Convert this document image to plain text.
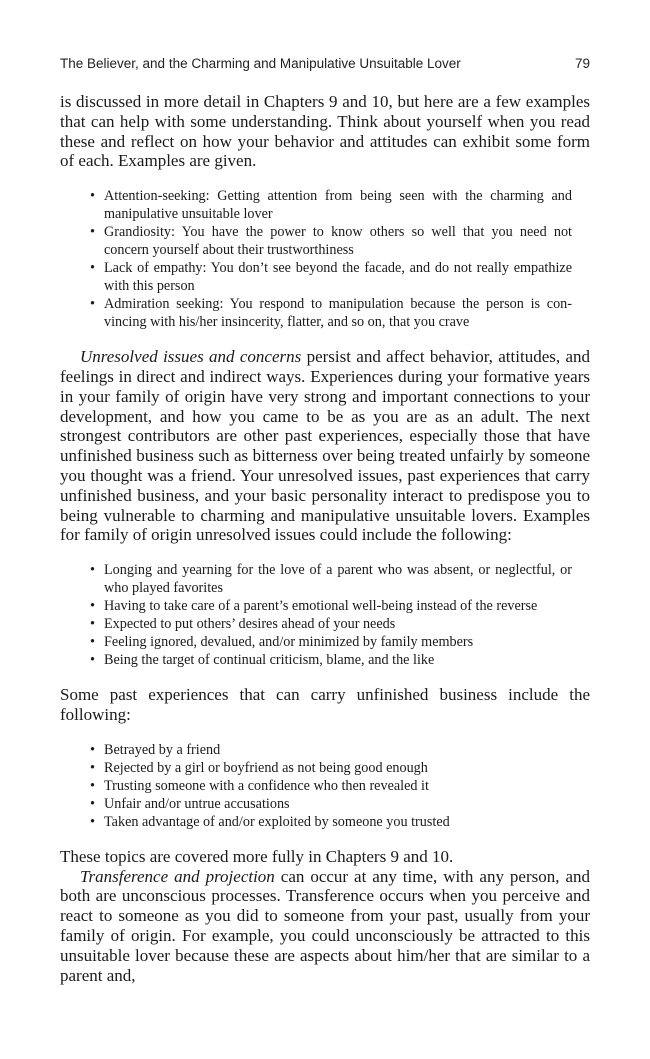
The Believer, and the Charming and Manipulative Unsuitable Lover	79

is discussed in more detail in Chapters 9 and 10, but here are a few examples that can help with some understanding. Think about yourself when you read these and reflect on how your behavior and attitudes can exhibit some form of each. Examples are given.

• Attention-seeking: Getting attention from being seen with the charming and manipulative unsuitable lover
• Grandiosity: You have the power to know others so well that you need not concern yourself about their trustworthiness
• Lack of empathy: You don’t see beyond the facade, and do not really empathize with this person
• Admiration seeking: You respond to manipulation because the person is con-vincing with his/her insincerity, flatter, and so on, that you crave

Unresolved issues and concerns persist and affect behavior, attitudes, and feelings in direct and indirect ways. Experiences during your formative years in your family of origin have very strong and important connections to your development, and how you came to be as you are as an adult. The next strongest contributors are other past experiences, especially those that have unfinished business such as bitterness over being treated unfairly by someone you thought was a friend. Your unresolved issues, past experiences that carry unfinished business, and your basic personality interact to predispose you to being vulnerable to charming and manipulative unsuitable lovers. Examples for family of origin unresolved issues could include the following:

• Longing and yearning for the love of a parent who was absent, or neglectful, or who played favorites
• Having to take care of a parent’s emotional well-being instead of the reverse
• Expected to put others’ desires ahead of your needs
• Feeling ignored, devalued, and/or minimized by family members
• Being the target of continual criticism, blame, and the like

Some past experiences that can carry unfinished business include the following:

• Betrayed by a friend
• Rejected by a girl or boyfriend as not being good enough
• Trusting someone with a confidence who then revealed it
• Unfair and/or untrue accusations
• Taken advantage of and/or exploited by someone you trusted

These topics are covered more fully in Chapters 9 and 10.

Transference and projection can occur at any time, with any person, and both are unconscious processes. Transference occurs when you perceive and react to someone as you did to someone from your past, usually from your family of origin. For example, you could unconsciously be attracted to this unsuitable lover because these are aspects about him/her that are similar to a parent and,
